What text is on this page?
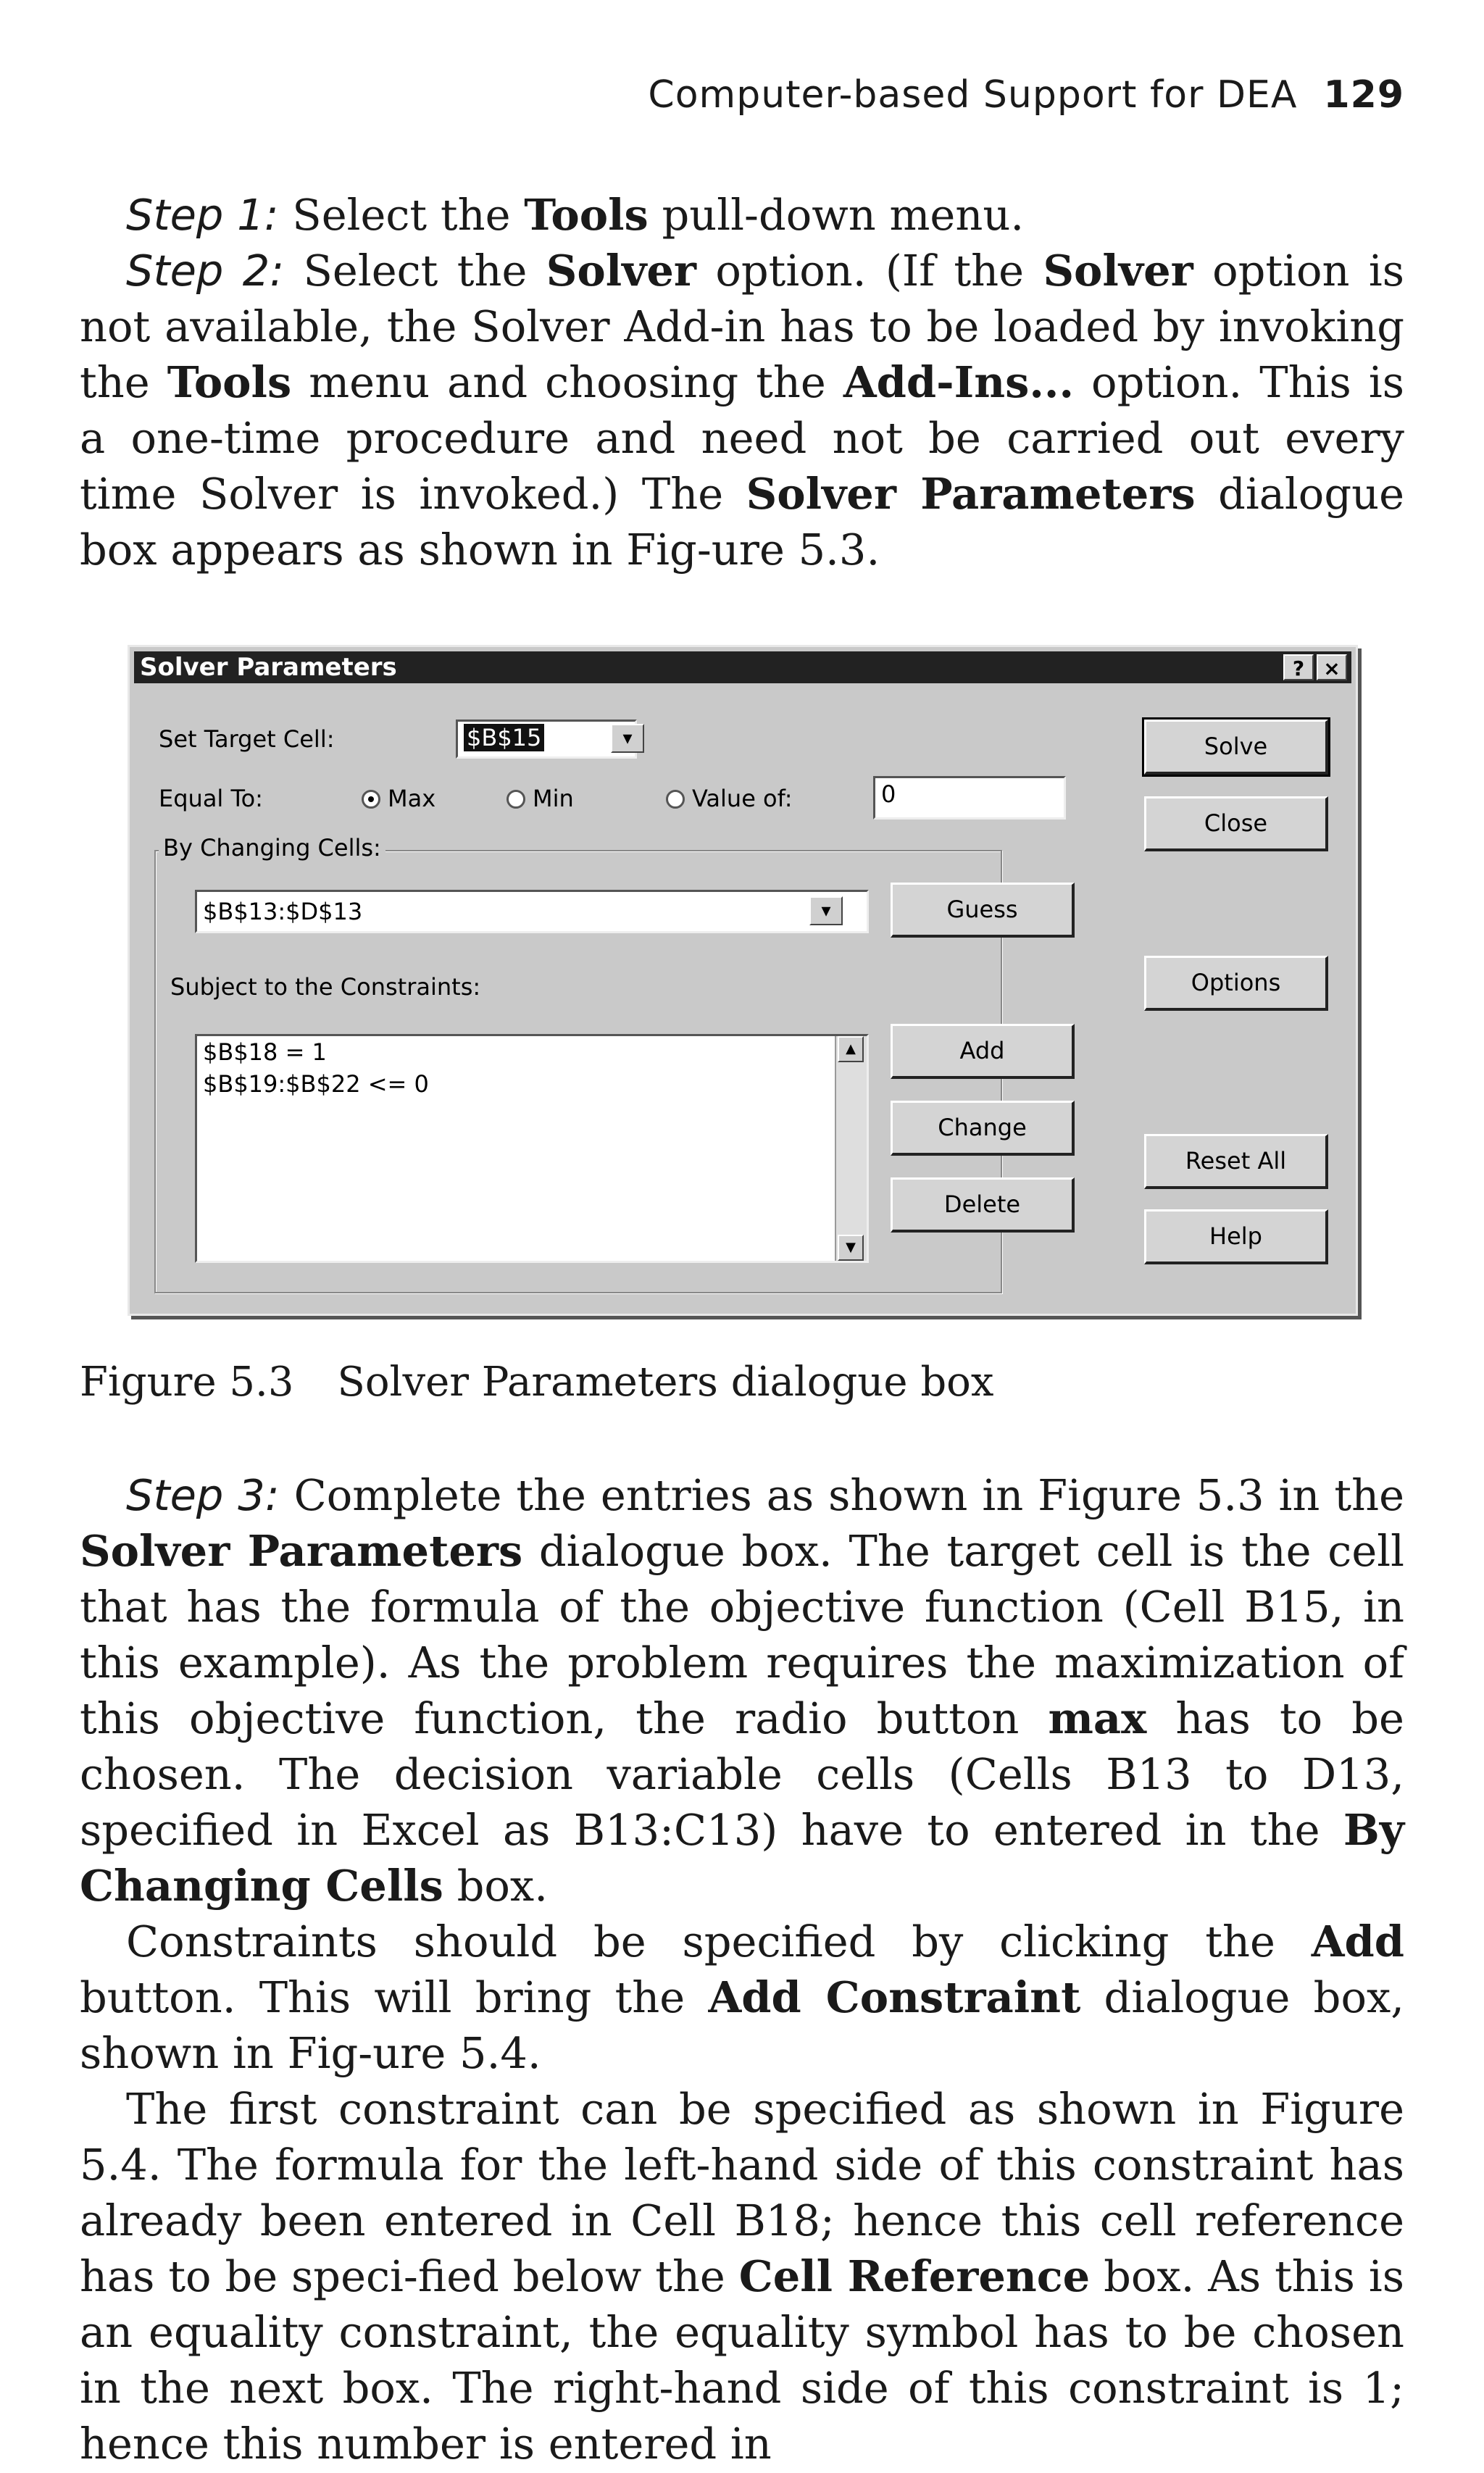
Computer-based Support for DEA 129

Step 1: Select the Tools pull-down menu.

Step 2: Select the Solver option. (If the Solver option is not available, the Solver Add-in has to be loaded by invoking the Tools menu and choosing the Add-Ins... option. This is a one-time procedure and need not be carried out every time Solver is invoked.) The Solver Parameters dialogue box appears as shown in Fig-ure 5.3.

Solver Parameters	? ×
Set Target Cell:	$B$15	▾
Equal To:	Max	Min	Value of:	0
By Changing Cells:
$B$13:$D$13	▾	Guess
Subject to the Constraints:
$B$18 = 1
$B$19:$B$22 <= 0
▲
▼
Add
Change
Delete
Solve
Close
Options
Reset All
Help
Figure 5.3 Solver Parameters dialogue box

Step 3: Complete the entries as shown in Figure 5.3 in the Solver Parameters dialogue box. The target cell is the cell that has the formula of the objective function (Cell B15, in this example). As the problem requires the maximization of this objective function, the radio button max has to be chosen. The decision variable cells (Cells B13 to D13, specified in Excel as B13:C13) have to entered in the By Changing Cells box.

Constraints should be specified by clicking the Add button. This will bring the Add Constraint dialogue box, shown in Fig-ure 5.4.

The first constraint can be specified as shown in Figure 5.4. The formula for the left-hand side of this constraint has already been entered in Cell B18; hence this cell reference has to be speci-fied below the Cell Reference box. As this is an equality constraint, the equality symbol has to be chosen in the next box. The right-hand side of this constraint is 1; hence this number is entered in
